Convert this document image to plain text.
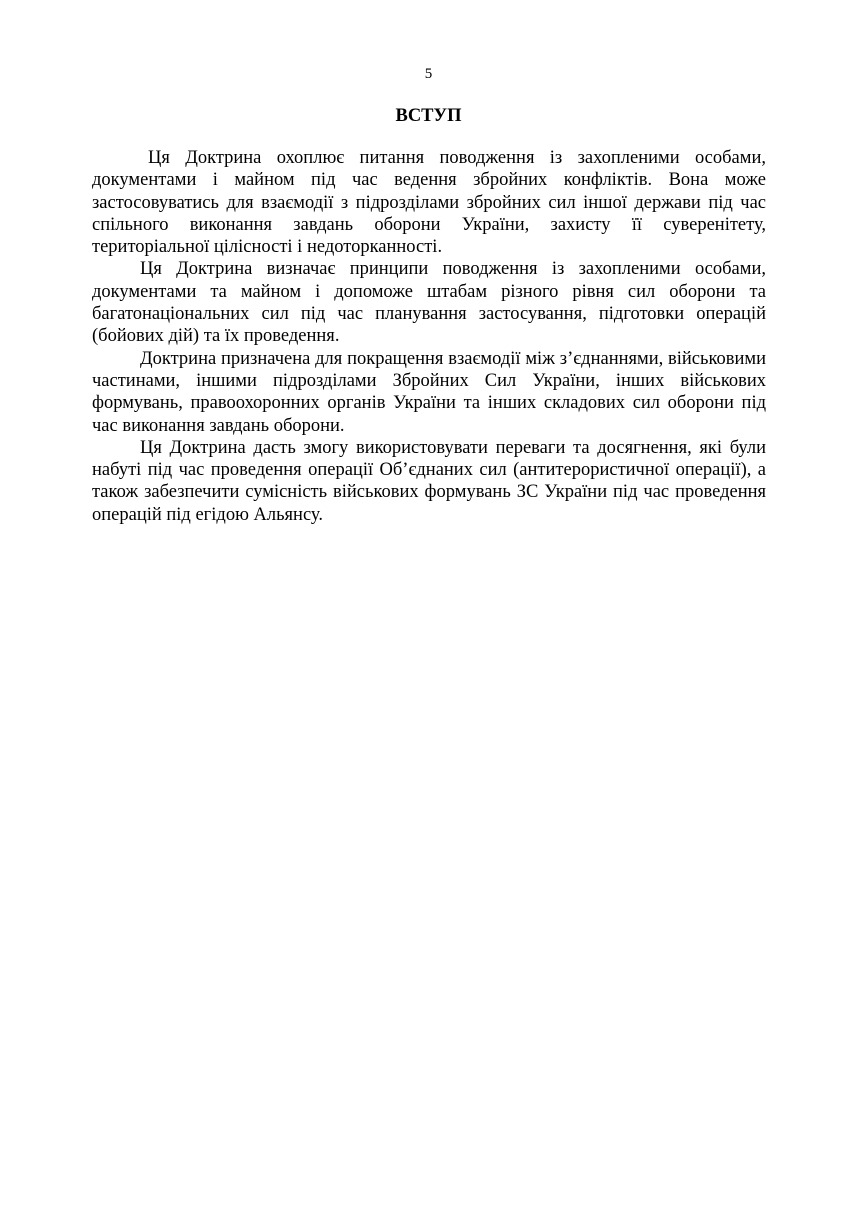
5
ВСТУП

Ця Доктрина охоплює питання поводження із захопленими особами, документами і майном під час ведення збройних конфліктів. Вона може застосовуватись для взаємодії з підрозділами збройних сил іншої держави під час спільного виконання завдань оборони України, захисту її суверенітету, територіальної цілісності і недоторканності.

Ця Доктрина визначає принципи поводження із захопленими особами, документами та майном і допоможе штабам різного рівня сил оборони та багатонаціональних сил під час планування застосування, підготовки операцій (бойових дій) та їх проведення.

Доктрина призначена для покращення взаємодії між з’єднаннями, військовими частинами, іншими підрозділами Збройних Сил України, інших військових формувань, правоохоронних органів України та інших складових сил оборони під час виконання завдань оборони.

Ця Доктрина дасть змогу використовувати переваги та досягнення, які були набуті під час проведення операції Об’єднаних сил (антитерористичної операції), а також забезпечити сумісність військових формувань ЗС України під час проведення операцій під егідою Альянсу.
